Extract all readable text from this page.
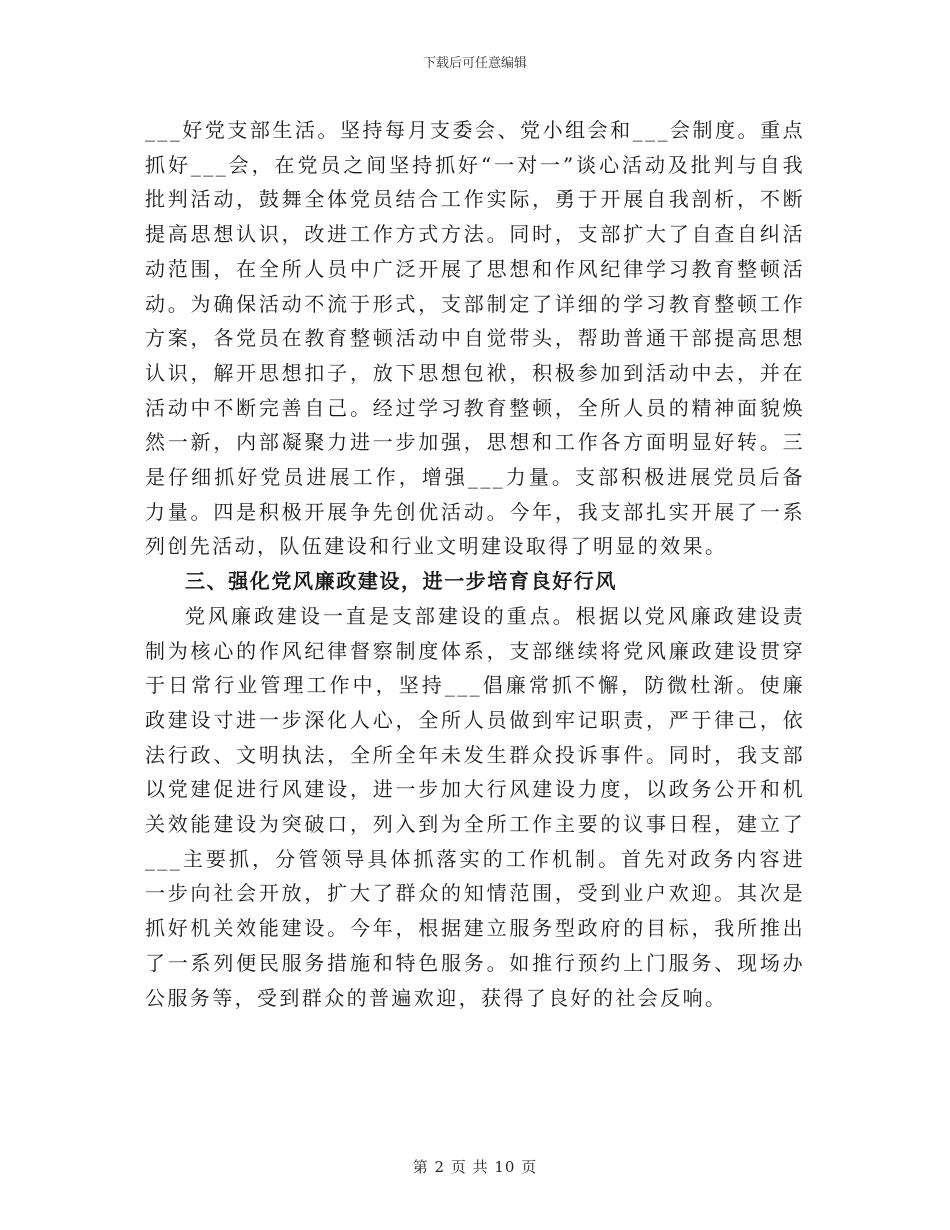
下载后可任意编辑

___好党支部生活。坚持每月支委会、党小组会和___会制度。重点抓好___会，在党员之间坚持抓好“一对一”谈心活动及批判与自我批判活动，鼓舞全体党员结合工作实际，勇于开展自我剖析，不断提高思想认识，改进工作方式方法。同时，支部扩大了自查自纠活动范围，在全所人员中广泛开展了思想和作风纪律学习教育整顿活动。为确保活动不流于形式，支部制定了详细的学习教育整顿工作方案，各党员在教育整顿活动中自觉带头，帮助普通干部提高思想认识，解开思想扣子，放下思想包袱，积极参加到活动中去，并在活动中不断完善自己。经过学习教育整顿，全所人员的精神面貌焕然一新，内部凝聚力进一步加强，思想和工作各方面明显好转。三是仔细抓好党员进展工作，增强___力量。支部积极进展党员后备力量。四是积极开展争先创优活动。今年，我支部扎实开展了一系列创先活动，队伍建设和行业文明建设取得了明显的效果。

三、强化党风廉政建设，进一步培育良好行风

党风廉政建设一直是支部建设的重点。根据以党风廉政建设责制为核心的作风纪律督察制度体系，支部继续将党风廉政建设贯穿于日常行业管理工作中，坚持___倡廉常抓不懈，防微杜渐。使廉政建设寸进一步深化人心，全所人员做到牢记职责，严于律己，依法行政、文明执法，全所全年未发生群众投诉事件。同时，我支部以党建促进行风建设，进一步加大行风建设力度，以政务公开和机关效能建设为突破口，列入到为全所工作主要的议事日程，建立了___主要抓，分管领导具体抓落实的工作机制。首先对政务内容进一步向社会开放，扩大了群众的知情范围，受到业户欢迎。其次是抓好机关效能建设。今年，根据建立服务型政府的目标，我所推出了一系列便民服务措施和特色服务。如推行预约上门服务、现场办公服务等，受到群众的普遍欢迎，获得了良好的社会反响。

第 2 页 共 10 页
